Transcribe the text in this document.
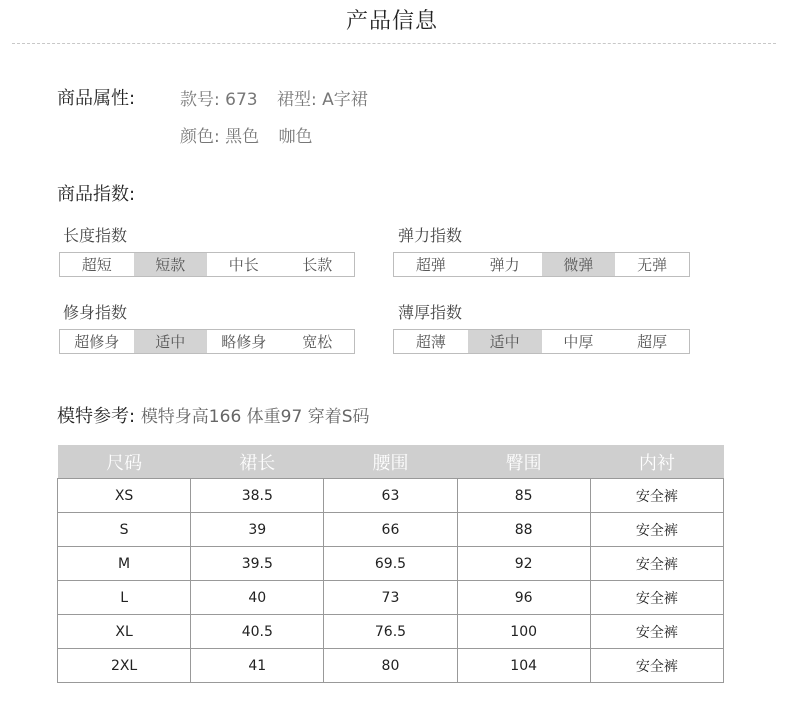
产品信息
商品属性:	款号: 673 裙型: A字裙
颜色: 黑色 咖色
商品指数:
长度指数
超短	短款	中长	长款
弹力指数
超弹	弹力	微弹	无弹
修身指数
超修身	适中	略修身	宽松
薄厚指数
超薄	适中	中厚	超厚
模特参考: 模特身高166 体重97 穿着S码
尺码	裙长	腰围	臀围	内衬
XS	38.5	63	85	安全裤
S	39	66	88	安全裤
M	39.5	69.5	92	安全裤
L	40	73	96	安全裤
XL	40.5	76.5	100	安全裤
2XL	41	80	104	安全裤
